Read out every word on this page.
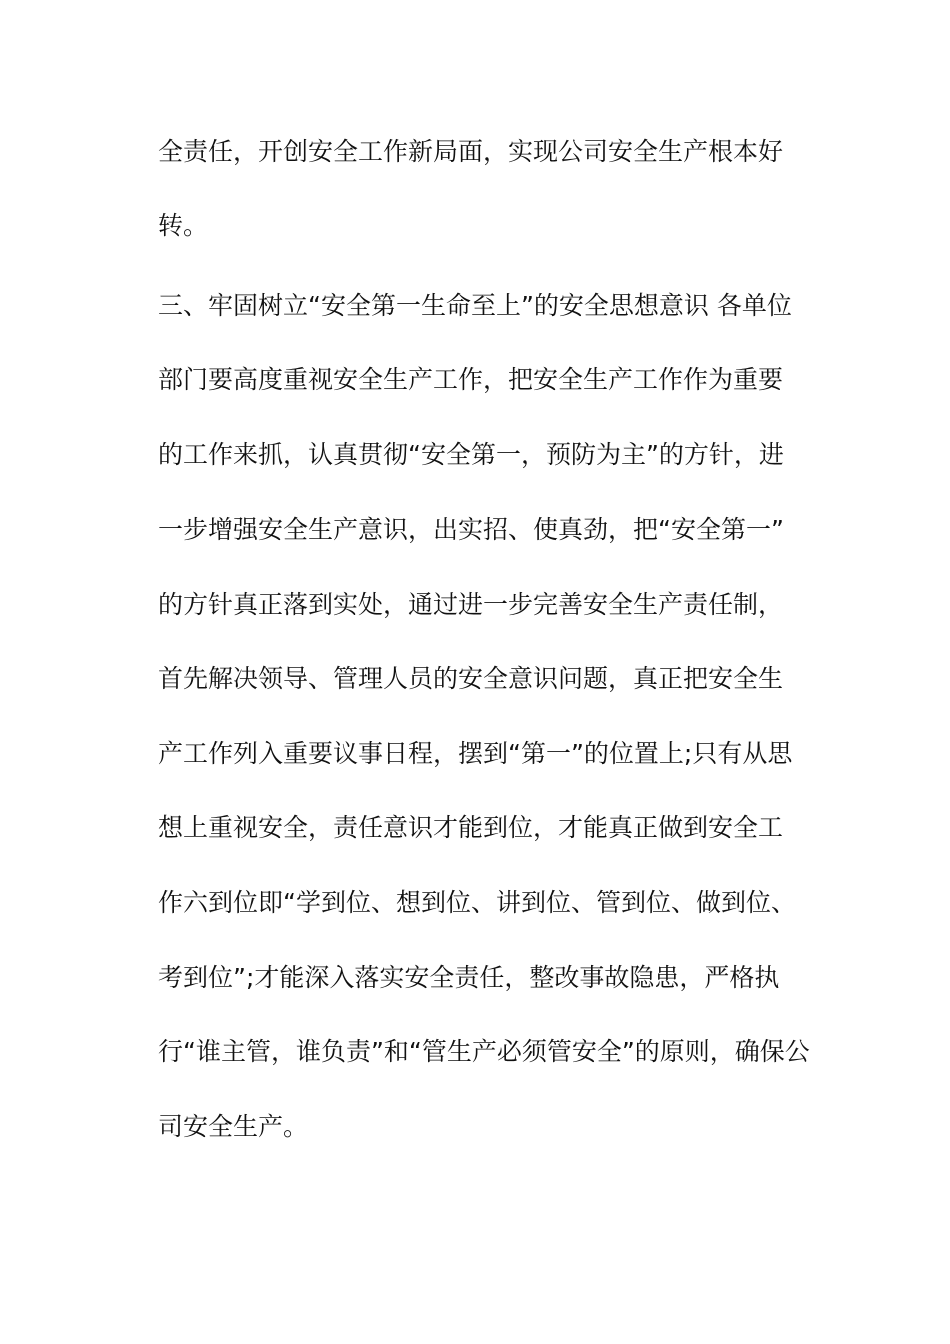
全责任，开创安全工作新局面，实现公司安全生产根本好
转。
三、牢固树立“安全第一生命至上”的安全思想意识 各单位
部门要高度重视安全生产工作，把安全生产工作作为重要
的工作来抓，认真贯彻“安全第一，预防为主”的方针，进
一步增强安全生产意识，出实招、使真劲，把“安全第一”
的方针真正落到实处，通过进一步完善安全生产责任制，
首先解决领导、管理人员的安全意识问题，真正把安全生
产工作列入重要议事日程，摆到“第一”的位置上;只有从思
想上重视安全，责任意识才能到位，才能真正做到安全工
作六到位即“学到位、想到位、讲到位、管到位、做到位、
考到位”;才能深入落实安全责任，整改事故隐患，严格执
行“谁主管，谁负责”和“管生产必须管安全”的原则，确保公
司安全生产。
